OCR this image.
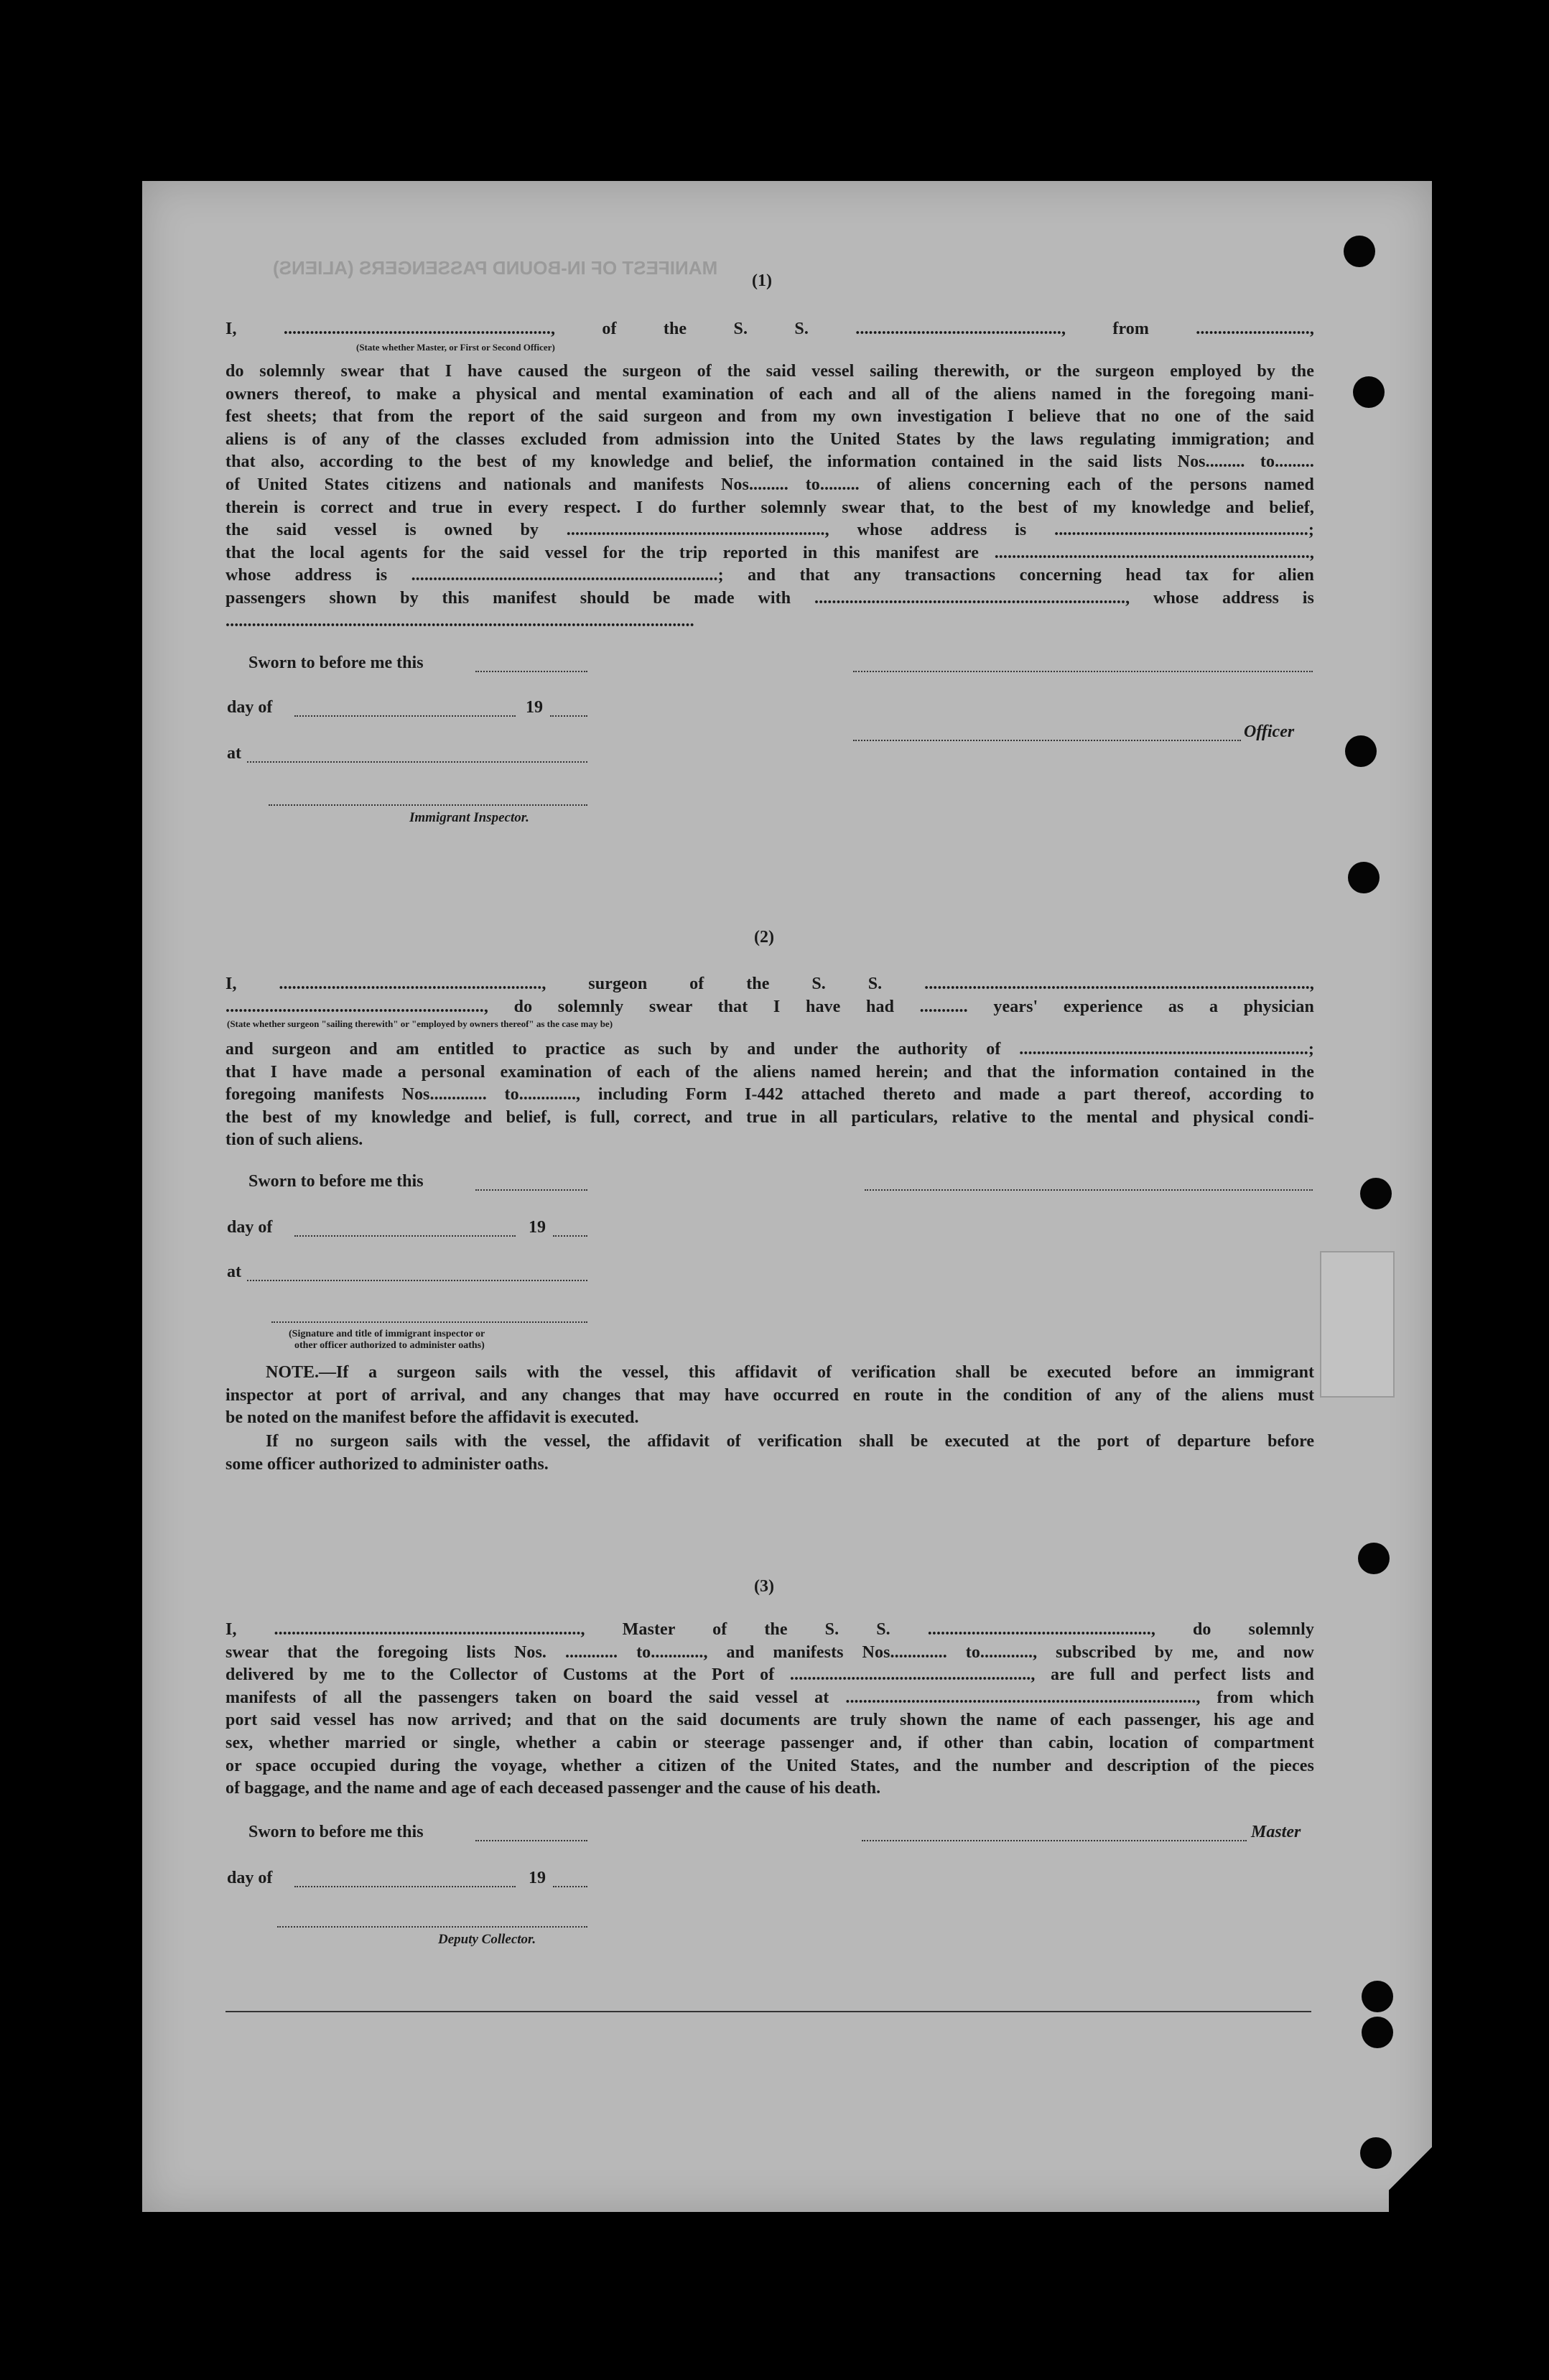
MANIFEST OF IN-BOUND PASSENGERS (ALIENS)
(1)
I, ............................................................., of the S. S. ..............................................., from ..........................,
(State whether Master, or First or Second Officer)
do solemnly swear that I have caused the surgeon of the said vessel sailing therewith, or the surgeon employed by the
owners thereof, to make a physical and mental examination of each and all of the aliens named in the foregoing mani-
fest sheets; that from the report of the said surgeon and from my own investigation I believe that no one of the said
aliens is of any of the classes excluded from admission into the United States by the laws regulating immigration; and
that also, according to the best of my knowledge and belief, the information contained in the said lists Nos......... to.........
of United States citizens and nationals and manifests Nos......... to......... of aliens concerning each of the persons named
therein is correct and true in every respect. I do further solemnly swear that, to the best of my knowledge and belief,
the said vessel is owned by ..........................................................., whose address is ..........................................................;
that the local agents for the said vessel for the trip reported in this manifest are ........................................................................,
whose address is ......................................................................; and that any transactions concerning head tax for alien
passengers shown by this manifest should be made with ......................................................................., whose address is
...........................................................................................................
Sworn to before me this
day of	19
Officer
at
Immigrant Inspector.
(2)
I, ............................................................, surgeon of the S. S. ........................................................................................,
..........................................................., do solemnly swear that I have had ........... years' experience as a physician
(State whether surgeon "sailing therewith" or "employed by owners thereof" as the case may be)
and surgeon and am entitled to practice as such by and under the authority of ..................................................................;
that I have made a personal examination of each of the aliens named herein; and that the information contained in the
foregoing manifests Nos............. to............., including Form I-442 attached thereto and made a part thereof, according to
the best of my knowledge and belief, is full, correct, and true in all particulars, relative to the mental and physical condi-
tion of such aliens.
Sworn to before me this
day of	19
at
(Signature and title of immigrant inspector or
other officer authorized to administer oaths)
NOTE.—If a surgeon sails with the vessel, this affidavit of verification shall be executed before an immigrant
inspector at port of arrival, and any changes that may have occurred en route in the condition of any of the aliens must
be noted on the manifest before the affidavit is executed.
If no surgeon sails with the vessel, the affidavit of verification shall be executed at the port of departure before
some officer authorized to administer oaths.
(3)
I, ......................................................................, Master of the S. S. ..................................................., do solemnly
swear that the foregoing lists Nos. ............ to............, and manifests Nos............. to............, subscribed by me, and now
delivered by me to the Collector of Customs at the Port of ......................................................., are full and perfect lists and
manifests of all the passengers taken on board the said vessel at ................................................................................, from which
port said vessel has now arrived; and that on the said documents are truly shown the name of each passenger, his age and
sex, whether married or single, whether a cabin or steerage passenger and, if other than cabin, location of compartment
or space occupied during the voyage, whether a citizen of the United States, and the number and description of the pieces
of baggage, and the name and age of each deceased passenger and the cause of his death.
Sworn to before me this	Master
day of	19
Deputy Collector.
